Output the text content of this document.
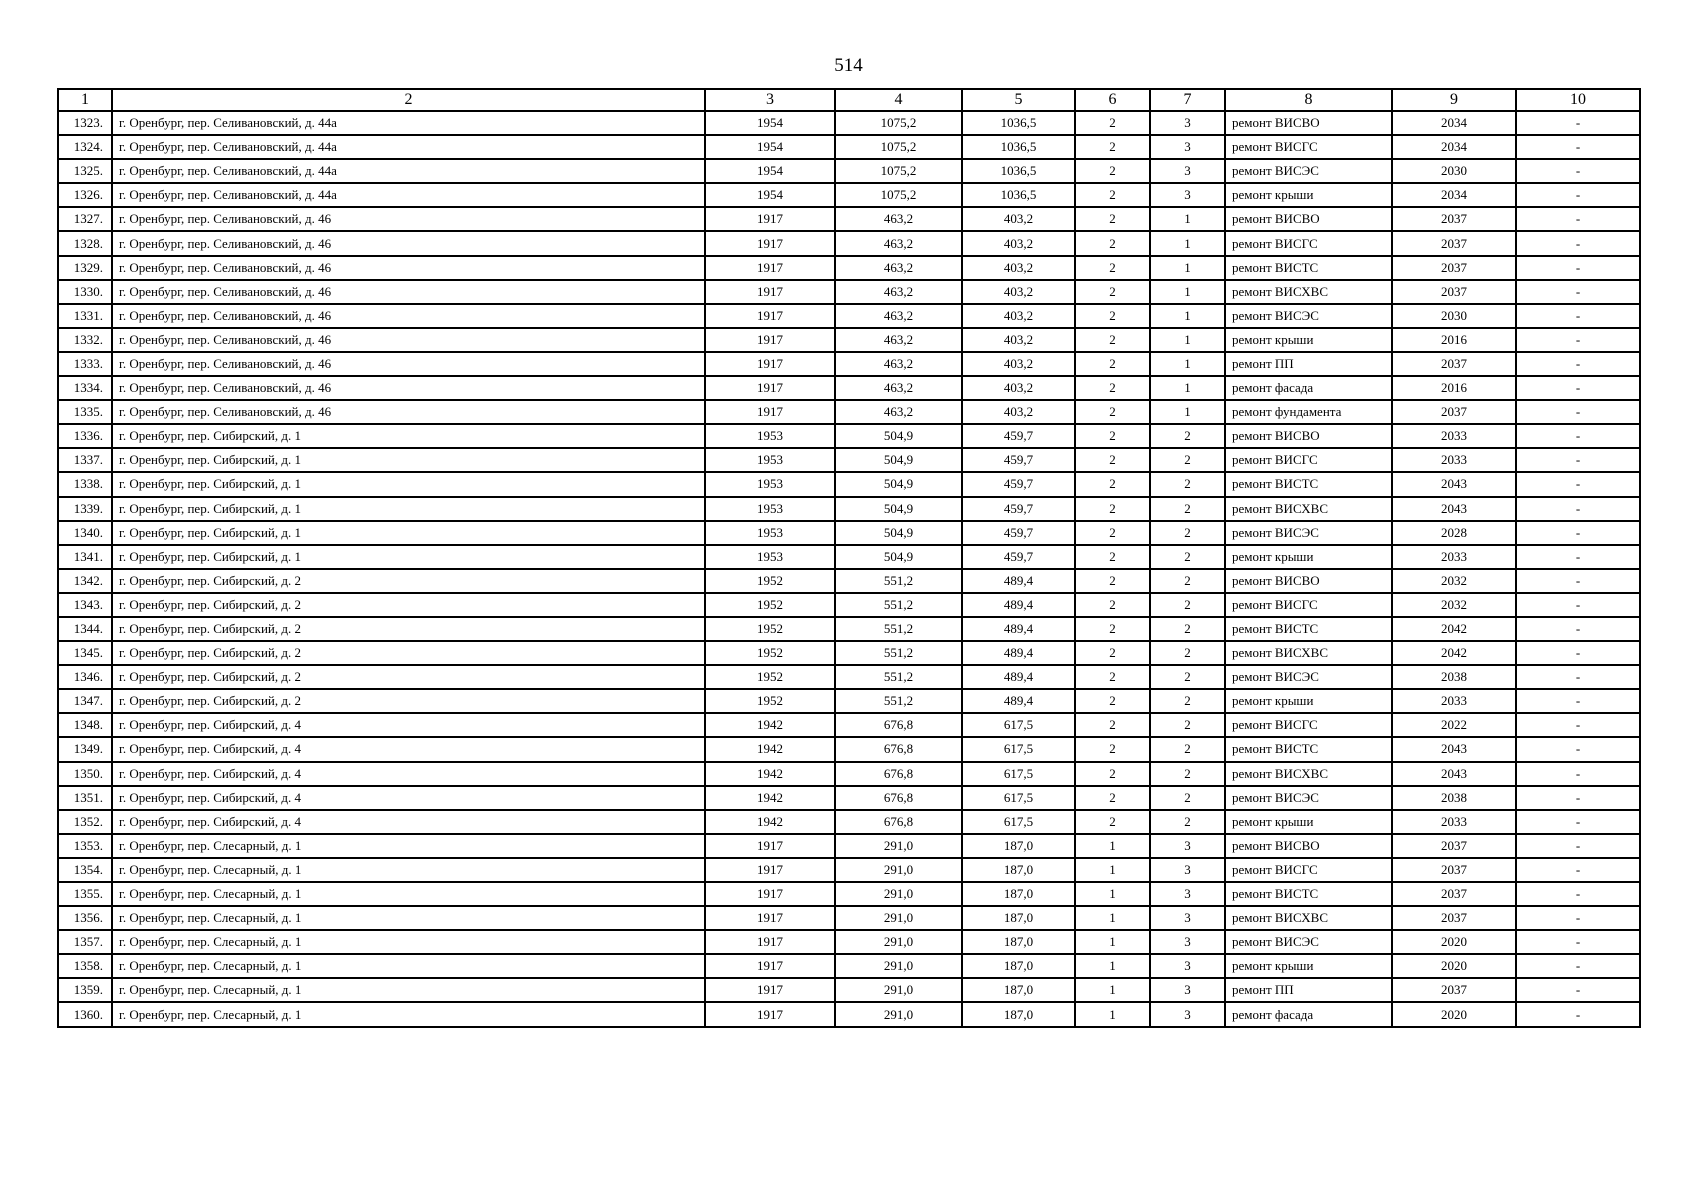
514
1	2	3	4	5	6	7	8	9	10
1323.	г. Оренбург, пер. Селивановский, д. 44а	1954	1075,2	1036,5	2	3	ремонт ВИСВО	2034	-
1324.	г. Оренбург, пер. Селивановский, д. 44а	1954	1075,2	1036,5	2	3	ремонт ВИСГС	2034	-
1325.	г. Оренбург, пер. Селивановский, д. 44а	1954	1075,2	1036,5	2	3	ремонт ВИСЭС	2030	-
1326.	г. Оренбург, пер. Селивановский, д. 44а	1954	1075,2	1036,5	2	3	ремонт крыши	2034	-
1327.	г. Оренбург, пер. Селивановский, д. 46	1917	463,2	403,2	2	1	ремонт ВИСВО	2037	-
1328.	г. Оренбург, пер. Селивановский, д. 46	1917	463,2	403,2	2	1	ремонт ВИСГС	2037	-
1329.	г. Оренбург, пер. Селивановский, д. 46	1917	463,2	403,2	2	1	ремонт ВИСТС	2037	-
1330.	г. Оренбург, пер. Селивановский, д. 46	1917	463,2	403,2	2	1	ремонт ВИСХВС	2037	-
1331.	г. Оренбург, пер. Селивановский, д. 46	1917	463,2	403,2	2	1	ремонт ВИСЭС	2030	-
1332.	г. Оренбург, пер. Селивановский, д. 46	1917	463,2	403,2	2	1	ремонт крыши	2016	-
1333.	г. Оренбург, пер. Селивановский, д. 46	1917	463,2	403,2	2	1	ремонт ПП	2037	-
1334.	г. Оренбург, пер. Селивановский, д. 46	1917	463,2	403,2	2	1	ремонт фасада	2016	-
1335.	г. Оренбург, пер. Селивановский, д. 46	1917	463,2	403,2	2	1	ремонт фундамента	2037	-
1336.	г. Оренбург, пер. Сибирский, д. 1	1953	504,9	459,7	2	2	ремонт ВИСВО	2033	-
1337.	г. Оренбург, пер. Сибирский, д. 1	1953	504,9	459,7	2	2	ремонт ВИСГС	2033	-
1338.	г. Оренбург, пер. Сибирский, д. 1	1953	504,9	459,7	2	2	ремонт ВИСТС	2043	-
1339.	г. Оренбург, пер. Сибирский, д. 1	1953	504,9	459,7	2	2	ремонт ВИСХВС	2043	-
1340.	г. Оренбург, пер. Сибирский, д. 1	1953	504,9	459,7	2	2	ремонт ВИСЭС	2028	-
1341.	г. Оренбург, пер. Сибирский, д. 1	1953	504,9	459,7	2	2	ремонт крыши	2033	-
1342.	г. Оренбург, пер. Сибирский, д. 2	1952	551,2	489,4	2	2	ремонт ВИСВО	2032	-
1343.	г. Оренбург, пер. Сибирский, д. 2	1952	551,2	489,4	2	2	ремонт ВИСГС	2032	-
1344.	г. Оренбург, пер. Сибирский, д. 2	1952	551,2	489,4	2	2	ремонт ВИСТС	2042	-
1345.	г. Оренбург, пер. Сибирский, д. 2	1952	551,2	489,4	2	2	ремонт ВИСХВС	2042	-
1346.	г. Оренбург, пер. Сибирский, д. 2	1952	551,2	489,4	2	2	ремонт ВИСЭС	2038	-
1347.	г. Оренбург, пер. Сибирский, д. 2	1952	551,2	489,4	2	2	ремонт крыши	2033	-
1348.	г. Оренбург, пер. Сибирский, д. 4	1942	676,8	617,5	2	2	ремонт ВИСГС	2022	-
1349.	г. Оренбург, пер. Сибирский, д. 4	1942	676,8	617,5	2	2	ремонт ВИСТС	2043	-
1350.	г. Оренбург, пер. Сибирский, д. 4	1942	676,8	617,5	2	2	ремонт ВИСХВС	2043	-
1351.	г. Оренбург, пер. Сибирский, д. 4	1942	676,8	617,5	2	2	ремонт ВИСЭС	2038	-
1352.	г. Оренбург, пер. Сибирский, д. 4	1942	676,8	617,5	2	2	ремонт крыши	2033	-
1353.	г. Оренбург, пер. Слесарный, д. 1	1917	291,0	187,0	1	3	ремонт ВИСВО	2037	-
1354.	г. Оренбург, пер. Слесарный, д. 1	1917	291,0	187,0	1	3	ремонт ВИСГС	2037	-
1355.	г. Оренбург, пер. Слесарный, д. 1	1917	291,0	187,0	1	3	ремонт ВИСТС	2037	-
1356.	г. Оренбург, пер. Слесарный, д. 1	1917	291,0	187,0	1	3	ремонт ВИСХВС	2037	-
1357.	г. Оренбург, пер. Слесарный, д. 1	1917	291,0	187,0	1	3	ремонт ВИСЭС	2020	-
1358.	г. Оренбург, пер. Слесарный, д. 1	1917	291,0	187,0	1	3	ремонт крыши	2020	-
1359.	г. Оренбург, пер. Слесарный, д. 1	1917	291,0	187,0	1	3	ремонт ПП	2037	-
1360.	г. Оренбург, пер. Слесарный, д. 1	1917	291,0	187,0	1	3	ремонт фасада	2020	-
